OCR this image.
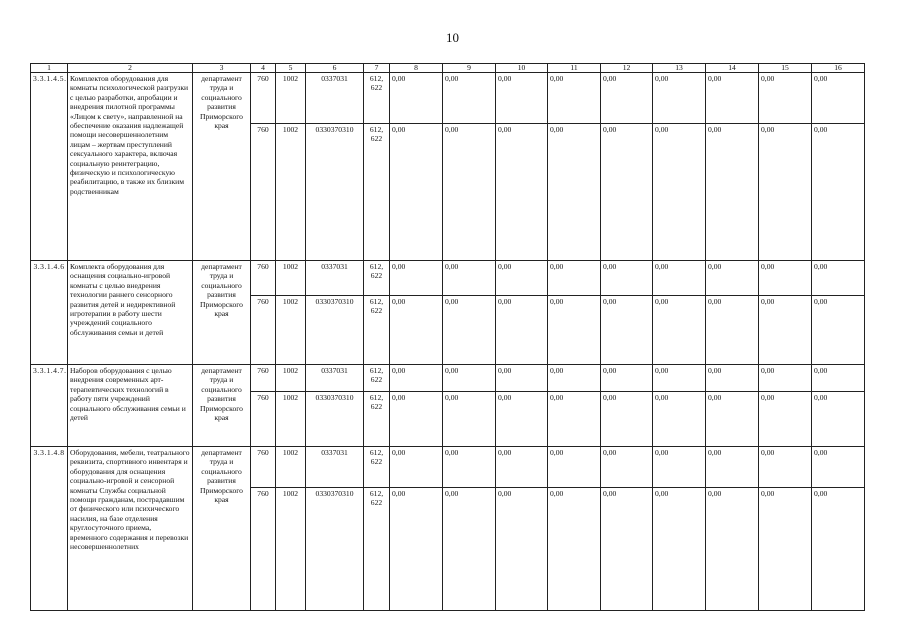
10
1	2	3	4	5	6	7	8	9	10	11	12	13	14	15	16
3.3.1.4.5.	Комплектов оборудования для комнаты психологической разгрузки с целью разработки, апробации и внедрения пилотной программы «Лицом к свету», направленной на обеспечение оказания надлежащей помощи несовершеннолетним лицам – жертвам преступлений сексуального характера, включая социальную реинтеграцию, физическую и психологическую реабилитацию, в также их близким родственникам	департамент труда и социального развития Приморского края	760	1002	0337031	612, 622	0,00	0,00	0,00	0,00	0,00	0,00	0,00	0,00	0,00
			760	1002	0330370310	612, 622	0,00	0,00	0,00	0,00	0,00	0,00	0,00	0,00	0,00
3.3.1.4.6	Комплекта оборудования для оснащения социально-игровой комнаты с целью внедрения технологии раннего сенсорного развития детей и недирективной игротерапии в работу шести учреждений социального обслуживания семьи и детей	департамент труда и социального развития Приморского края	760	1002	0337031	612, 622	0,00	0,00	0,00	0,00	0,00	0,00	0,00	0,00	0,00
			760	1002	0330370310	612, 622	0,00	0,00	0,00	0,00	0,00	0,00	0,00	0,00	0,00
3.3.1.4.7.	Наборов оборудования с целью внедрения современных арт-терапевтических технологий в работу пяти учреждений социального обслуживания семьи и детей	департамент труда и социального развития Приморского края	760	1002	0337031	612, 622	0,00	0,00	0,00	0,00	0,00	0,00	0,00	0,00	0,00
			760	1002	0330370310	612, 622	0,00	0,00	0,00	0,00	0,00	0,00	0,00	0,00	0,00
3.3.1.4.8	Оборудования, мебели, театрального реквизита, спортивного инвентаря и оборудования для оснащения социально-игровой и сенсорной комнаты Службы социальной помощи гражданам, пострадавшим от физического или психического насилия, на базе отделения круглосуточного приема, временного содержания и перевозки несовершеннолетних	департамент труда и социального развития Приморского края	760	1002	0337031	612, 622	0,00	0,00	0,00	0,00	0,00	0,00	0,00	0,00	0,00
			760	1002	0330370310	612, 622	0,00	0,00	0,00	0,00	0,00	0,00	0,00	0,00	0,00
